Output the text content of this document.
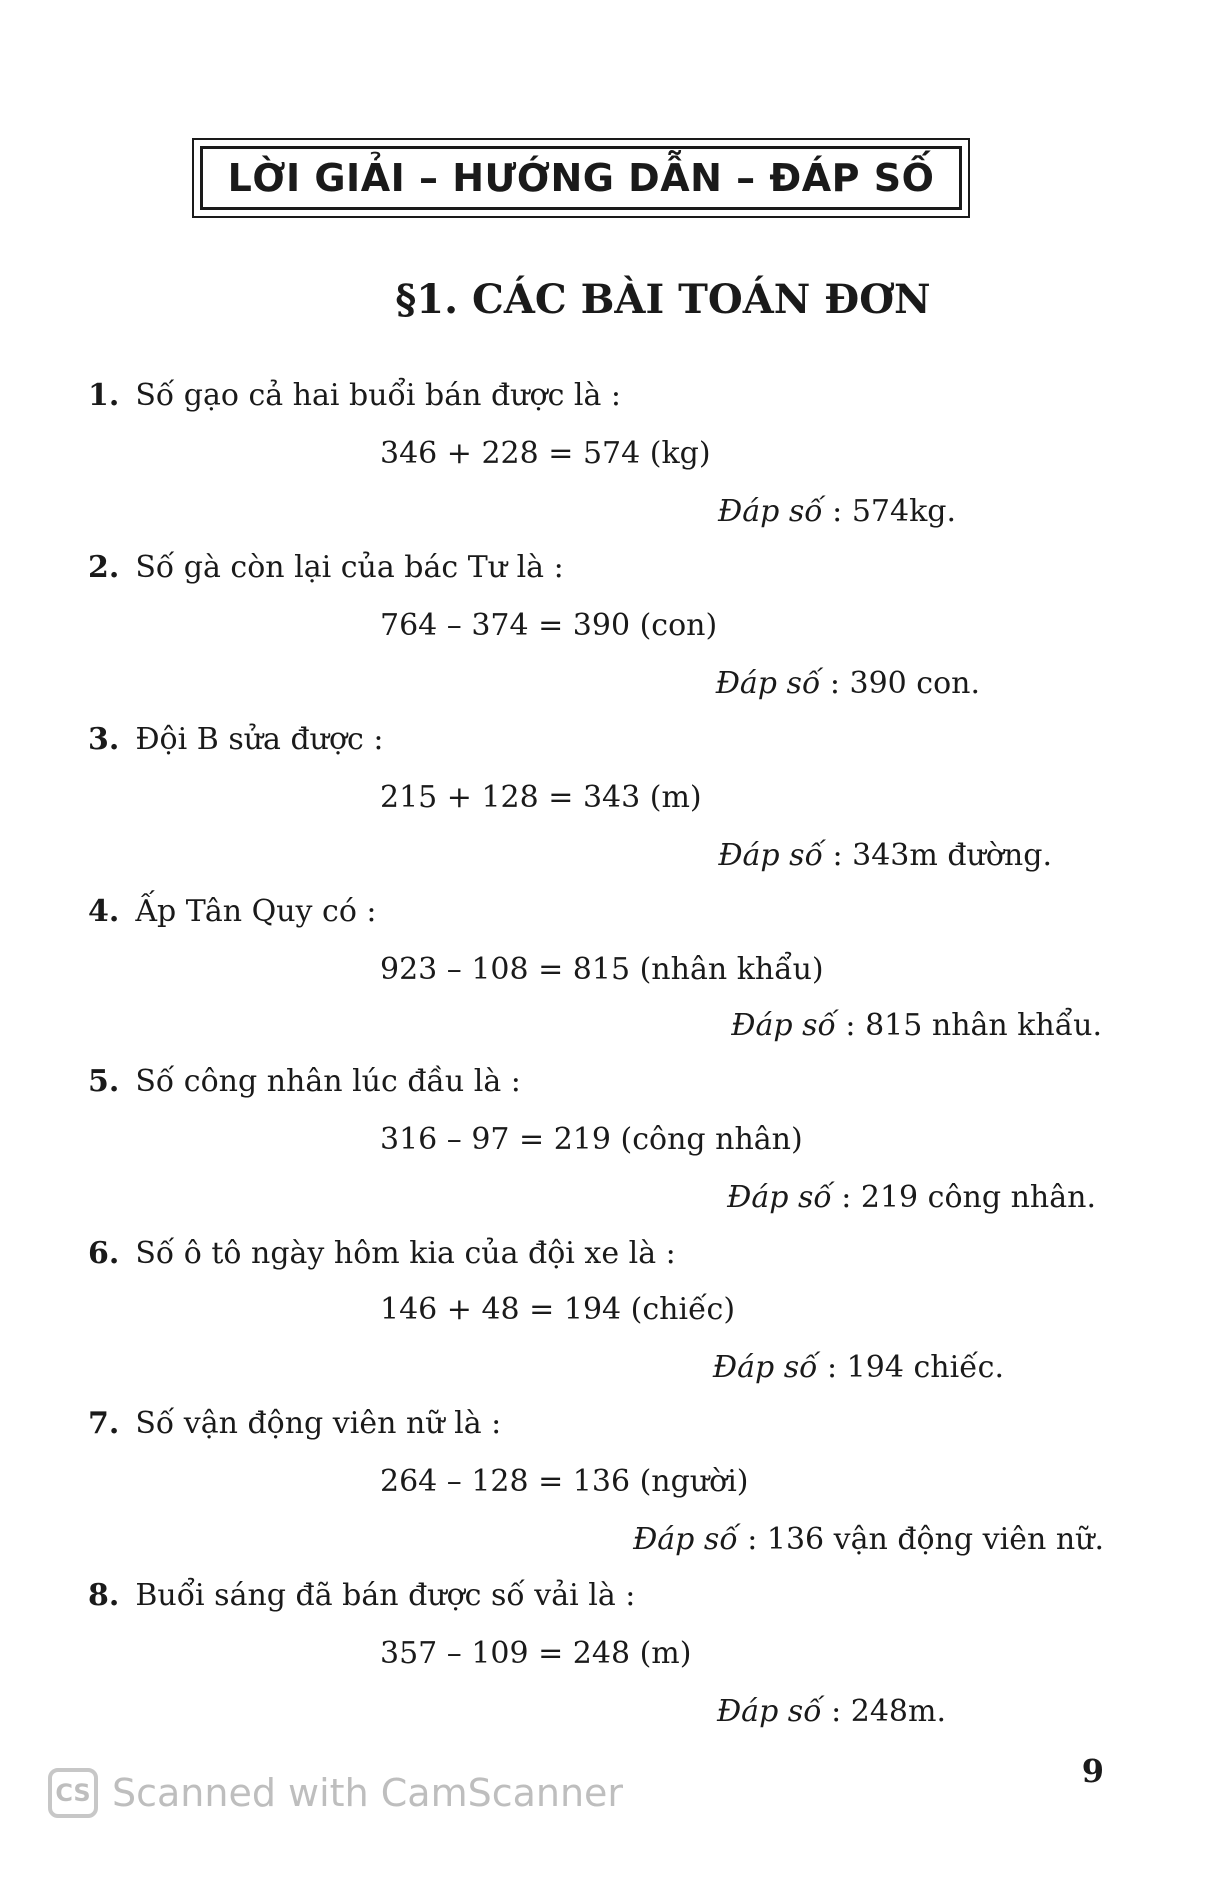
LỜI GIẢI – HƯỚNG DẪN – ĐÁP SỐ
§1. CÁC BÀI TOÁN ĐƠN
1. Số gạo cả hai buổi bán được là :
346 + 228 = 574 (kg)
Đáp số : 574kg.
2. Số gà còn lại của bác Tư là :
764 – 374 = 390 (con)
Đáp số : 390 con.
3. Đội B sửa được :
215 + 128 = 343 (m)
Đáp số : 343m đường.
4. Ấp Tân Quy có :
923 – 108 = 815 (nhân khẩu)
Đáp số : 815 nhân khẩu.
5. Số công nhân lúc đầu là :
316 – 97 = 219 (công nhân)
Đáp số : 219 công nhân.
6. Số ô tô ngày hôm kia của đội xe là :
146 + 48 = 194 (chiếc)
Đáp số : 194 chiếc.
7. Số vận động viên nữ là :
264 – 128 = 136 (người)
Đáp số : 136 vận động viên nữ.
8. Buổi sáng đã bán được số vải là :
357 – 109 = 248 (m)
Đáp số : 248m.
9
CS Scanned with CamScanner
